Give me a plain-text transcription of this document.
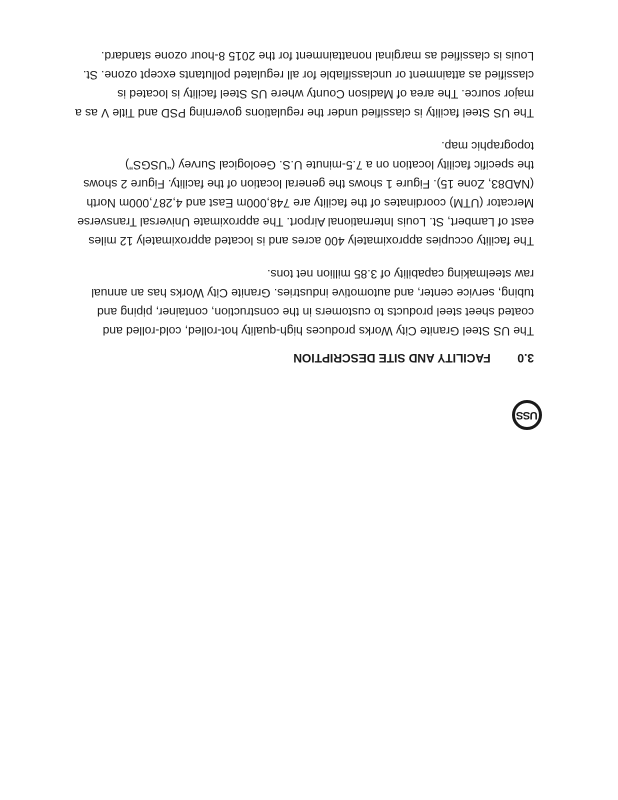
USS
3.0 FACILITY AND SITE DESCRIPTION
The US Steel Granite City Works produces high-quality hot-rolled, cold-rolled and
coated sheet steel products to customers in the construction, container, piping and
tubing, service center, and automotive industries. Granite City Works has an annual
raw steelmaking capability of 3.85 million net tons.
The facility occupies approximately 400 acres and is located approximately 12 miles
east of Lambert, St. Louis International Airport. The approximate Universal Transverse
Mercator (UTM) coordinates of the facility are 748,000m East and 4,287,000m North
(NAD83, Zone 15). Figure 1 shows the general location of the facility. Figure 2 shows
the specific facility location on a 7.5-minute U.S. Geological Survey (“USGS”)
topographic map.
The US Steel facility is classified under the regulations governing PSD and Title V as a
major source. The area of Madison County where US Steel facility is located is
classified as attainment or unclassifiable for all regulated pollutants except ozone. St.
Louis is classified as marginal nonattainment for the 2015 8-hour ozone standard.
